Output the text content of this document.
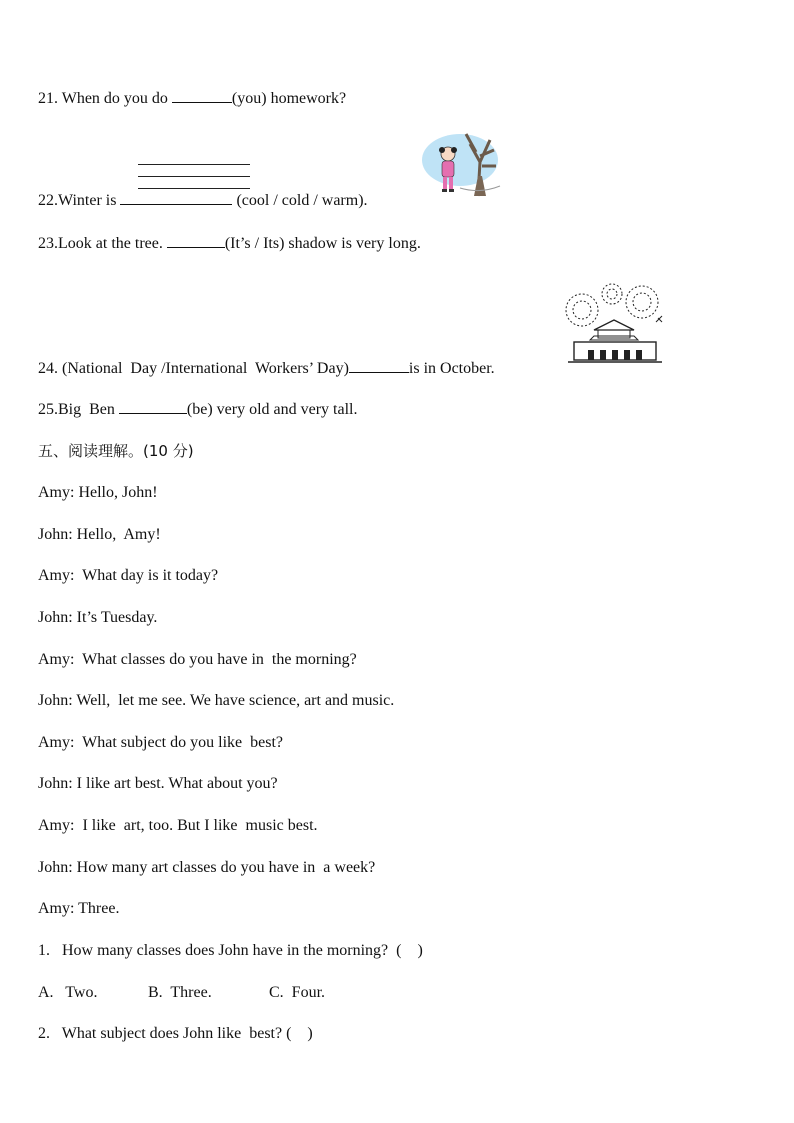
21. When do you do	(you) homework?
22.Winter is	(cool / cold / warm).
23.Look at the tree.	(It’s / Its) shadow is very long.
24. (National  Day /International  Workers’ Day)	is in October.
25.Big  Ben	(be) very old and very tall.
五、阅读理解。(10 分)
Amy: Hello, John!
John: Hello,  Amy!
Amy:  What day is it today?
John: It’s Tuesday.
Amy:  What classes do you have in  the morning?
John: Well,  let me see. We have science, art and music.
Amy:  What subject do you like  best?
John: I like art best. What about you?
Amy:  I like  art, too. But I like  music best.
John: How many art classes do you have in  a week?
Amy: Three.
1.   How many classes does John have in the morning?  (    )
A.   Two.	B.  Three.	C.  Four.
2.   What subject does John like  best? (    )
